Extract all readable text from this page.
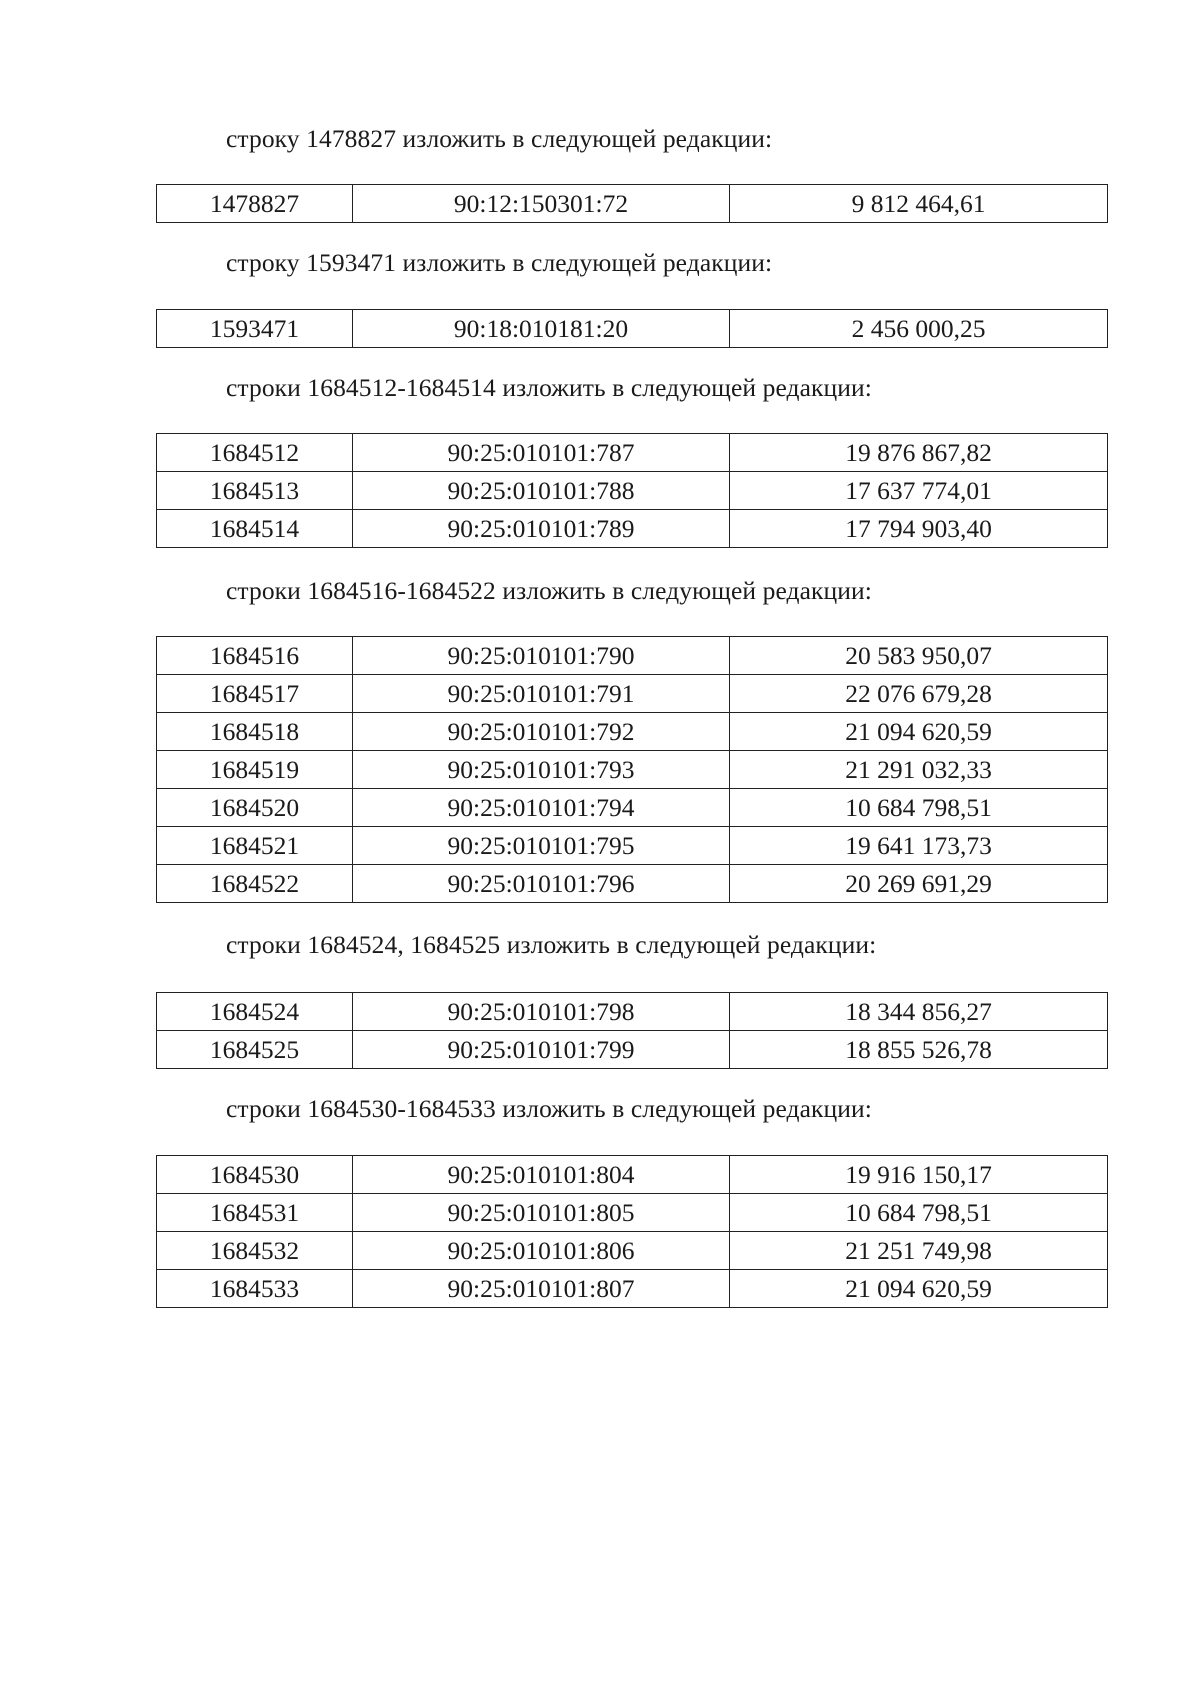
строку 1478827 изложить в следующей редакции:
1478827	90:12:150301:72	9 812 464,61
строку 1593471 изложить в следующей редакции:
1593471	90:18:010181:20	2 456 000,25
строки 1684512-1684514 изложить в следующей редакции:
1684512	90:25:010101:787	19 876 867,82
1684513	90:25:010101:788	17 637 774,01
1684514	90:25:010101:789	17 794 903,40
строки 1684516-1684522 изложить в следующей редакции:
1684516	90:25:010101:790	20 583 950,07
1684517	90:25:010101:791	22 076 679,28
1684518	90:25:010101:792	21 094 620,59
1684519	90:25:010101:793	21 291 032,33
1684520	90:25:010101:794	10 684 798,51
1684521	90:25:010101:795	19 641 173,73
1684522	90:25:010101:796	20 269 691,29
строки 1684524, 1684525 изложить в следующей редакции:
1684524	90:25:010101:798	18 344 856,27
1684525	90:25:010101:799	18 855 526,78
строки 1684530-1684533 изложить в следующей редакции:
1684530	90:25:010101:804	19 916 150,17
1684531	90:25:010101:805	10 684 798,51
1684532	90:25:010101:806	21 251 749,98
1684533	90:25:010101:807	21 094 620,59
